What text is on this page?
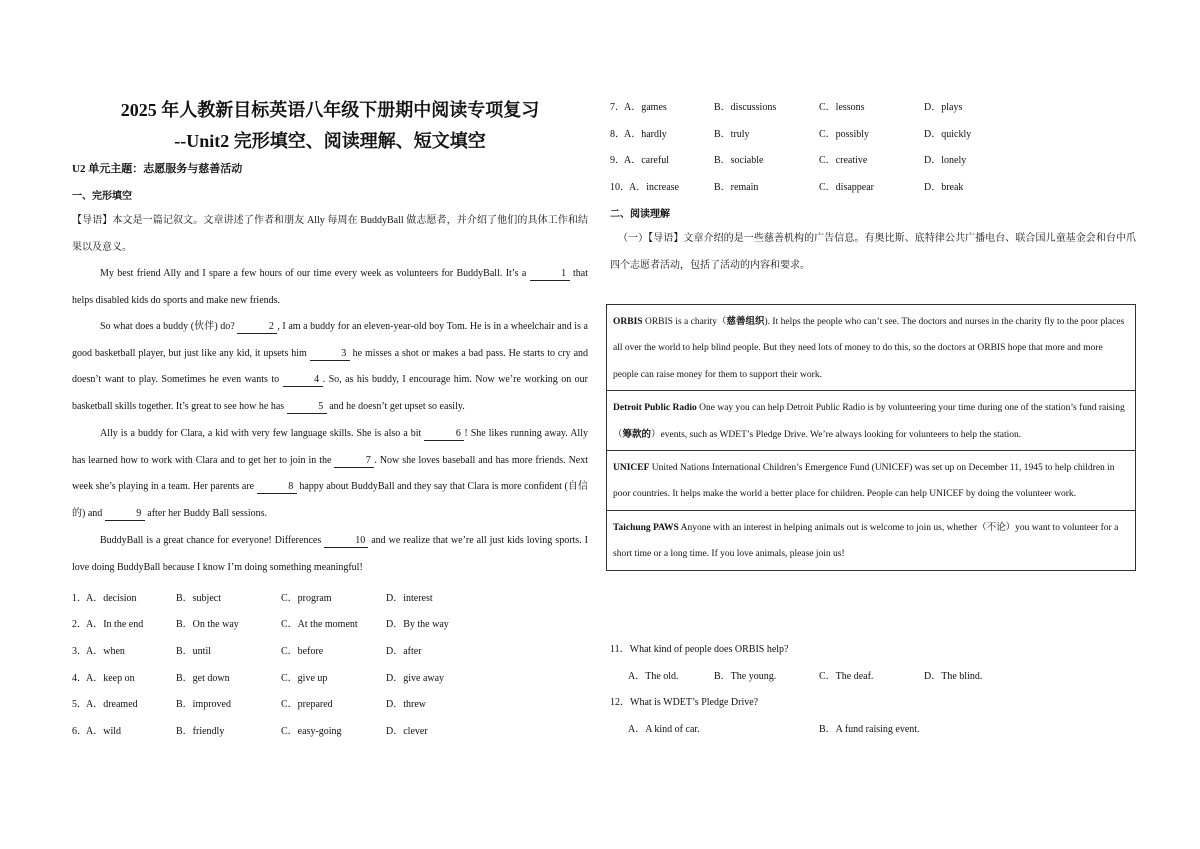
2025 年人教新目标英语八年级下册期中阅读专项复习
--Unit2 完形填空、阅读理解、短文填空
U2 单元主题：志愿服务与慈善活动
一、完形填空
【导语】本文是一篇记叙文。文章讲述了作者和朋友 Ally 每周在 BuddyBall 做志愿者，并介绍了他们的具体工作和结果以及意义。
My best friend Ally and I spare a few hours of our time every week as volunteers for BuddyBall. It’s a	1 that helps disabled kids do sports and make new friends.
So what does a buddy (伙伴) do?	2 , I am a buddy for an eleven-year-old boy Tom. He is in a wheelchair and is a good basketball player, but just like any kid, it upsets him	3 he misses a shot or makes a bad pass. He starts to cry and doesn’t want to play. Sometimes he even wants to	4 . So, as his buddy, I encourage him. Now we’re working on our basketball skills together. It’s great to see how he has	5 and he doesn’t get upset so easily.
Ally is a buddy for Clara, a kid with very few language skills. She is also a bit	6 ! She likes running away. Ally has learned how to work with Clara and to get her to join in the	7 . Now she loves baseball and has more friends. Next week she’s playing in a team. Her parents are	8 happy about BuddyBall and they say that Clara is more confident (自信的) and	9 after her Buddy Ball sessions.
BuddyBall is a great chance for everyone! Differences	10 and we realize that we’re all just kids loving sports. I love doing BuddyBall because I know I’m doing something meaningful!
1． A．decision	B．subject	C．program	D．interest
2． A．In the end	B．On the way	C．At the moment	D．By the way
3． A．when	B．until	C．before	D．after
4． A．keep on	B．get down	C．give up	D．give away
5． A．dreamed	B．improved	C．prepared	D．threw
6． A．wild	B．friendly	C．easy-going	D．clever
7． A．games	B．discussions	C．lessons	D．plays
8． A．hardly	B．truly	C．possibly	D．quickly
9． A．careful	B．sociable	C．creative	D．lonely
10． A．increase	B．remain	C．disappear	D．break
二、阅读理解
（一）【导语】文章介绍的是一些慈善机构的广告信息。有奥比斯、底特律公共广播电台、联合国儿童基金会和台中爪四个志愿者活动，包括了活动的内容和要求。
ORBIS ORBIS is a charity（慈善组织). It helps the people who can’t see. The doctors and nurses in the charity fly to the poor places all over the world to help blind people. But they need lots of money to do this, so the doctors at ORBIS hope that more and more people can raise money for them to support their work.
Detroit Public Radio One way you can help Detroit Public Radio is by volunteering your time during one of the station’s fund raising（筹款的）events, such as WDET’s Pledge Drive. We’re always looking for volunteers to help the station.
UNICEF United Nations International Children’s Emergence Fund (UNICEF) was set up on December 11, 1945 to help children in poor countries. It helps make the world a better place for children. People can help UNICEF by doing the volunteer work.
Taichung PAWS Anyone with an interest in helping animals out is welcome to join us, whether（不论）you want to volunteer for a short time or a long time. If you love animals, please join us!
11．What kind of people does ORBIS help?
A．The old.	B．The young.	C．The deaf.	D．The blind.
12．What is WDET’s Pledge Drive?
A．A kind of car.	B．A fund raising event.
